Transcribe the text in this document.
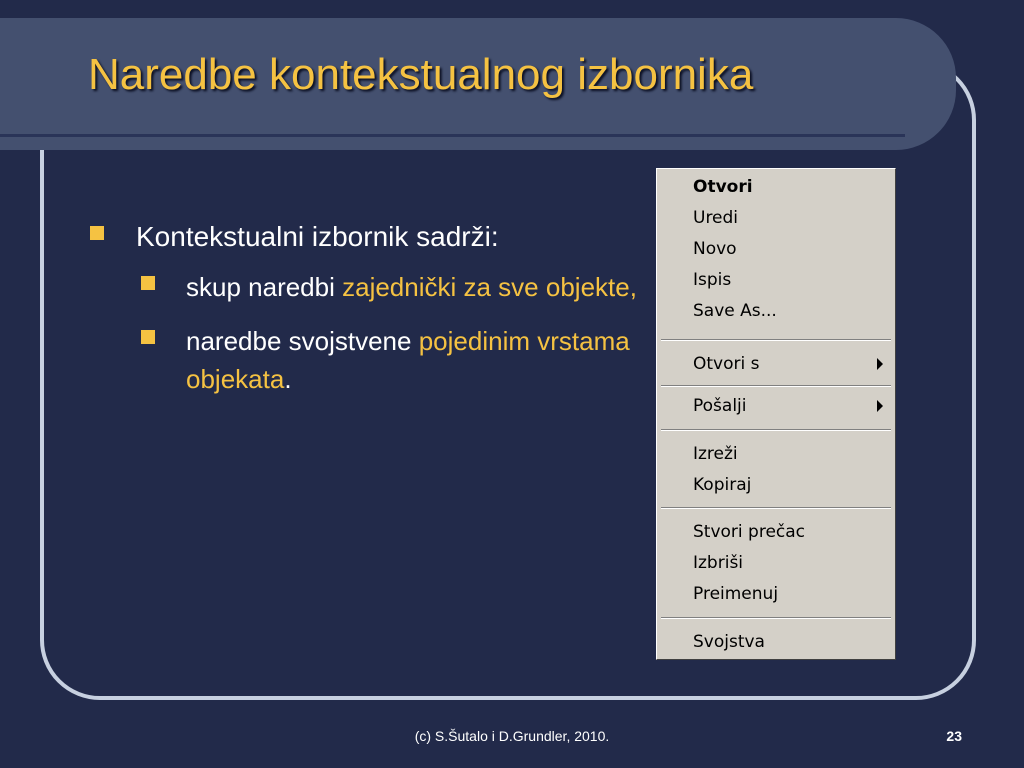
Naredbe kontekstualnog izbornika
Kontekstualni izbornik sadrži:
skup naredbi zajednički za sve objekte,
naredbe svojstvene pojedinim vrstama objekata.
Otvori
Uredi
Novo
Ispis
Save As...
Otvori s
Pošalji
Izreži
Kopiraj
Stvori prečac
Izbriši
Preimenuj
Svojstva
(c) S.Šutalo i D.Grundler, 2010.	23
